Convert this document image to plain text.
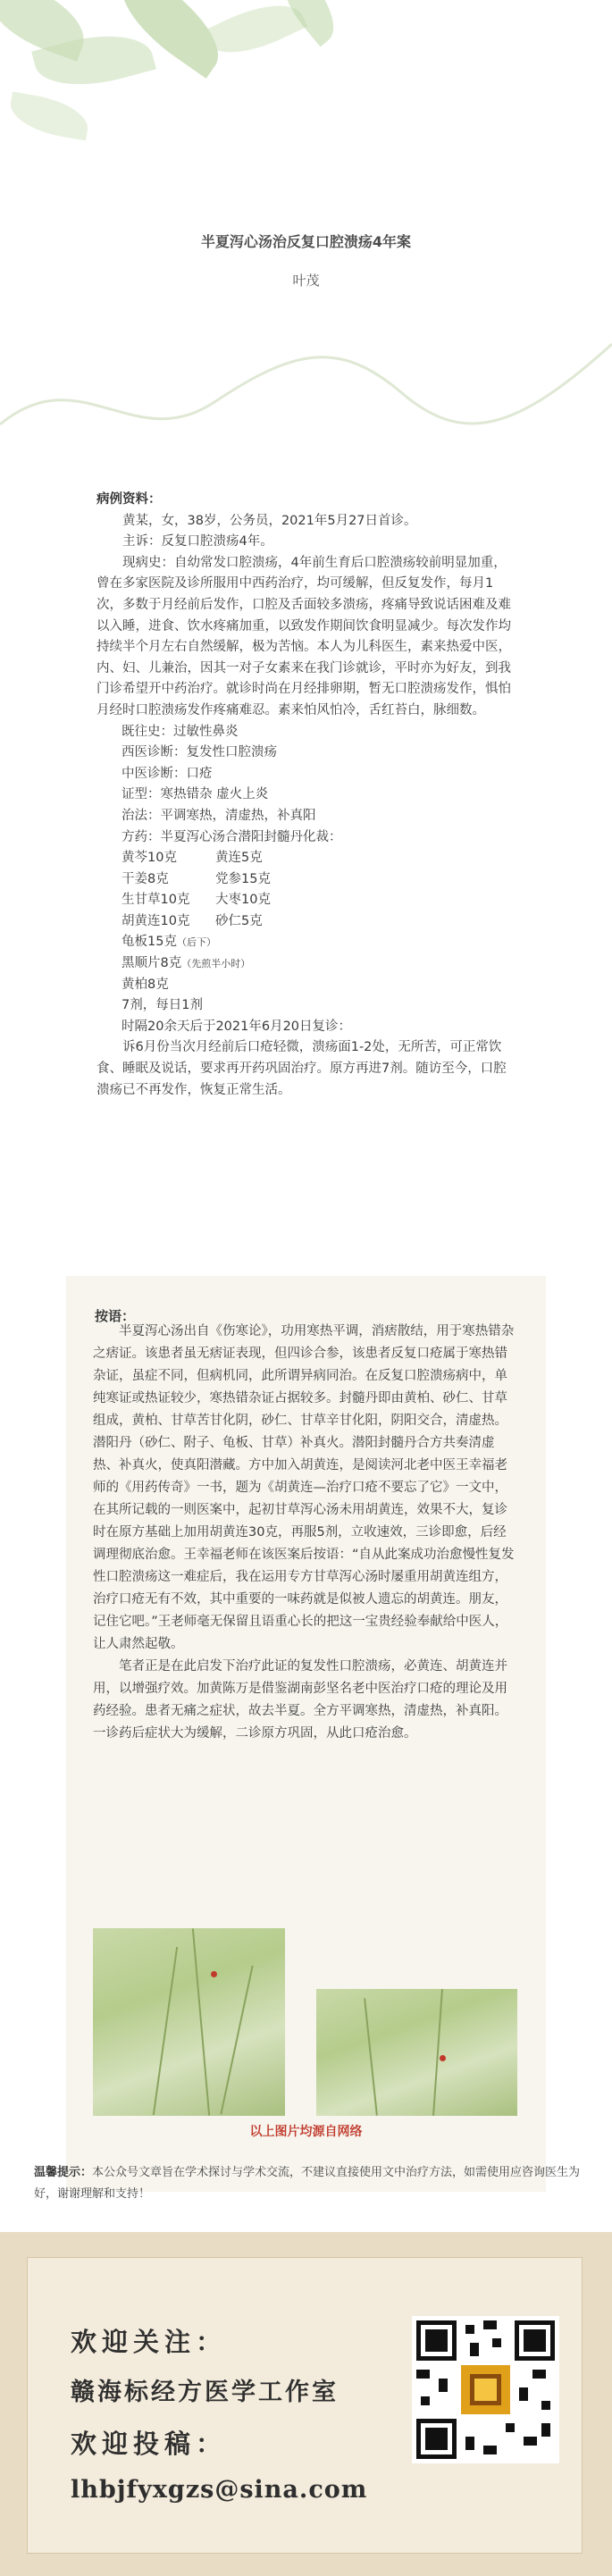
半夏泻心汤治反复口腔溃疡4年案
叶茂

病例资料：

黄某，女，38岁，公务员，2021年5月27日首诊。

主诉：反复口腔溃疡4年。

现病史：自幼常发口腔溃疡，4年前生育后口腔溃疡较前明显加重，曾在多家医院及诊所服用中西药治疗，均可缓解，但反复发作，每月1次，多数于月经前后发作，口腔及舌面较多溃疡，疼痛导致说话困难及难以入睡，进食、饮水疼痛加重，以致发作期间饮食明显减少。每次发作均持续半个月左右自然缓解，极为苦恼。本人为儿科医生，素来热爱中医，内、妇、儿兼治，因其一对子女素来在我门诊就诊，平时亦为好友，到我门诊希望开中药治疗。就诊时尚在月经排卵期，暂无口腔溃疡发作，惧怕月经时口腔溃疡发作疼痛难忍。素来怕风怕冷，舌红苔白，脉细数。

既往史：过敏性鼻炎

西医诊断：复发性口腔溃疡

中医诊断：口疮

证型：寒热错杂 虚火上炎

治法：平调寒热，清虚热，补真阳

方药：半夏泻心汤合潜阳封髓丹化裁：

黄芩10克	黄连5克

干姜8克	党参15克

生甘草10克 大枣10克

胡黄连10克 砂仁5克

龟板15克（后下）

黑顺片8克（先煎半小时）

黄柏8克

7剂，每日1剂

时隔20余天后于2021年6月20日复诊：

诉6月份当次月经前后口疮轻微，溃疡面1-2处，无所苦，可正常饮食、睡眠及说话，要求再开药巩固治疗。原方再进7剂。随访至今，口腔溃疡已不再发作，恢复正常生活。

按语：

半夏泻心汤出自《伤寒论》，功用寒热平调，消痞散结，用于寒热错杂之痞证。该患者虽无痞证表现，但四诊合参，该患者反复口疮属于寒热错杂证，虽症不同，但病机同，此所谓异病同治。在反复口腔溃疡病中，单纯寒证或热证较少，寒热错杂证占据较多。封髓丹即由黄柏、砂仁、甘草组成，黄柏、甘草苦甘化阴，砂仁、甘草辛甘化阳，阴阳交合，清虚热。潜阳丹（砂仁、附子、龟板、甘草）补真火。潜阳封髓丹合方共奏清虚热、补真火，使真阳潜藏。方中加入胡黄连，是阅读河北老中医王幸福老师的《用药传奇》一书，题为《胡黄连—治疗口疮不要忘了它》一文中，在其所记载的一则医案中，起初甘草泻心汤未用胡黄连，效果不大，复诊时在原方基础上加用胡黄连30克，再服5剂，立收速效，三诊即愈，后经调理彻底治愈。王幸福老师在该医案后按语：“自从此案成功治愈慢性复发性口腔溃疡这一难症后，我在运用专方甘草泻心汤时屡重用胡黄连组方，治疗口疮无有不效，其中重要的一味药就是似被人遗忘的胡黄连。朋友，记住它吧。”王老师毫无保留且语重心长的把这一宝贵经验奉献给中医人，让人肃然起敬。

笔者正是在此启发下治疗此证的复发性口腔溃疡，必黄连、胡黄连并用，以增强疗效。加黄陈万是借鉴湖南彭坚名老中医治疗口疮的理论及用药经验。患者无痛之症状，故去半夏。全方平调寒热，清虚热，补真阳。一诊药后症状大为缓解，二诊原方巩固，从此口疮治愈。

以上图片均源自网络
温馨提示：本公众号文章旨在学术探讨与学术交流，不建议直接使用文中治疗方法，如需使用应咨询医生为好，谢谢理解和支持！
欢迎关注：
赣海标经方医学工作室
欢迎投稿：
lhbjfyxgzs@sina.com
